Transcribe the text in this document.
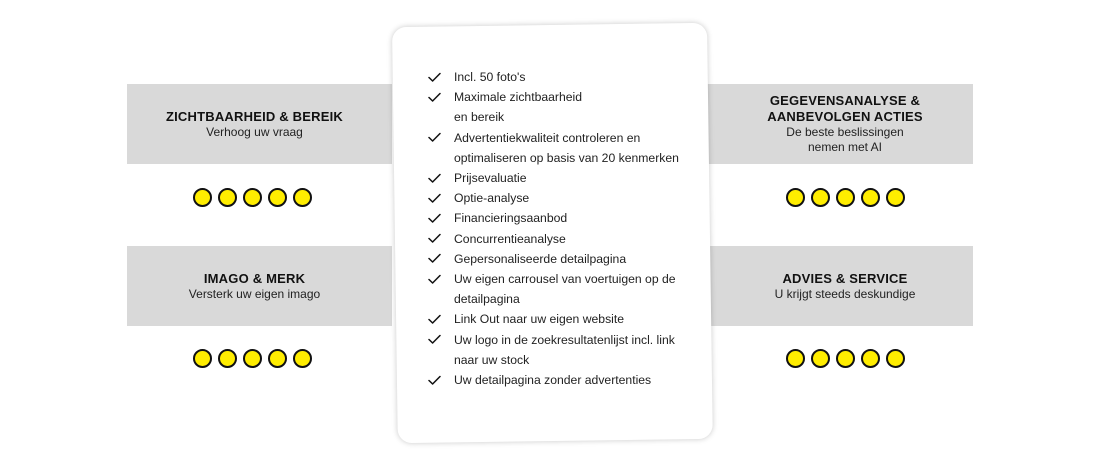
ZICHTBAARHEID & BEREIK
Verhoog uw vraag
IMAGO & MERK
Versterk uw eigen imago
GEGEVENSANALYSE &
AANBEVOLGEN ACTIES
De beste beslissingen
nemen met AI
ADVIES & SERVICE
U krijgt steeds deskundige
Incl. 50 foto's
Maximale zichtbaarheid
en bereik
Advertentiekwaliteit controleren en optimaliseren op basis van 20 kenmerken
Prijsevaluatie
Optie-analyse
Financieringsaanbod
Concurrentieanalyse
Gepersonaliseerde detailpagina
Uw eigen carrousel van voertuigen op de detailpagina
Link Out naar uw eigen website
Uw logo in de zoekresultatenlijst incl. link naar uw stock
Uw detailpagina zonder advertenties
